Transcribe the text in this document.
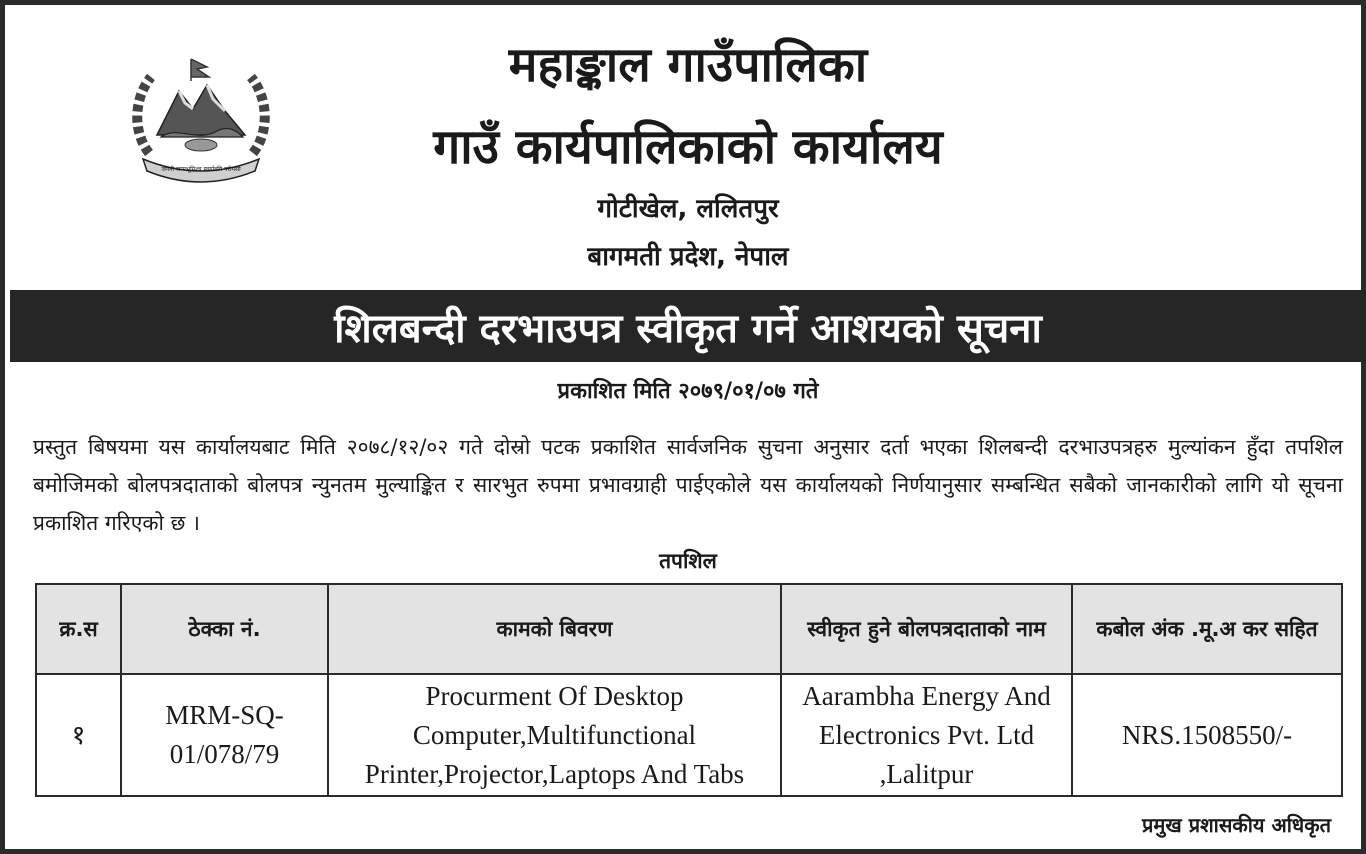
जननी जन्मभूमिश्च स्वर्गादपि गरीयसी
महाङ्काल गाउँपालिका
गाउँ कार्यपालिकाको कार्यालय
गोटीखेल, ललितपुर
बागमती प्रदेश, नेपाल
शिलबन्दी दरभाउपत्र स्वीकृत गर्ने आशयको सूचना
प्रकाशित मिति २०७९/०१/०७ गते
प्रस्तुत बिषयमा यस कार्यालयबाट मिति २०७८/१२/०२ गते दोस्रो पटक प्रकाशित सार्वजनिक सुचना अनुसार दर्ता भएका शिलबन्दी दरभाउपत्रहरु मुल्यांकन हुँदा तपशिल बमोजिमको बोलपत्रदाताको बोलपत्र न्युनतम मुल्याङ्कित र सारभुत रुपमा प्रभावग्राही पाईएकोले यस कार्यालयको निर्णयानुसार सम्बन्धित सबैको जानकारीको लागि यो सूचना प्रकाशित गरिएको छ ।
तपशिल
क्र.स	ठेक्का नं.	कामको बिवरण	स्वीकृत हुने बोलपत्रदाताको नाम	कबोल अंक .मू.अ कर सहित
१	MRM-SQ-01/078/79	Procurment Of Desktop Computer,Multifunctional Printer,Projector,Laptops And Tabs	Aarambha Energy And Electronics Pvt. Ltd ,Lalitpur	NRS.1508550/-
प्रमुख प्रशासकीय अधिकृत
